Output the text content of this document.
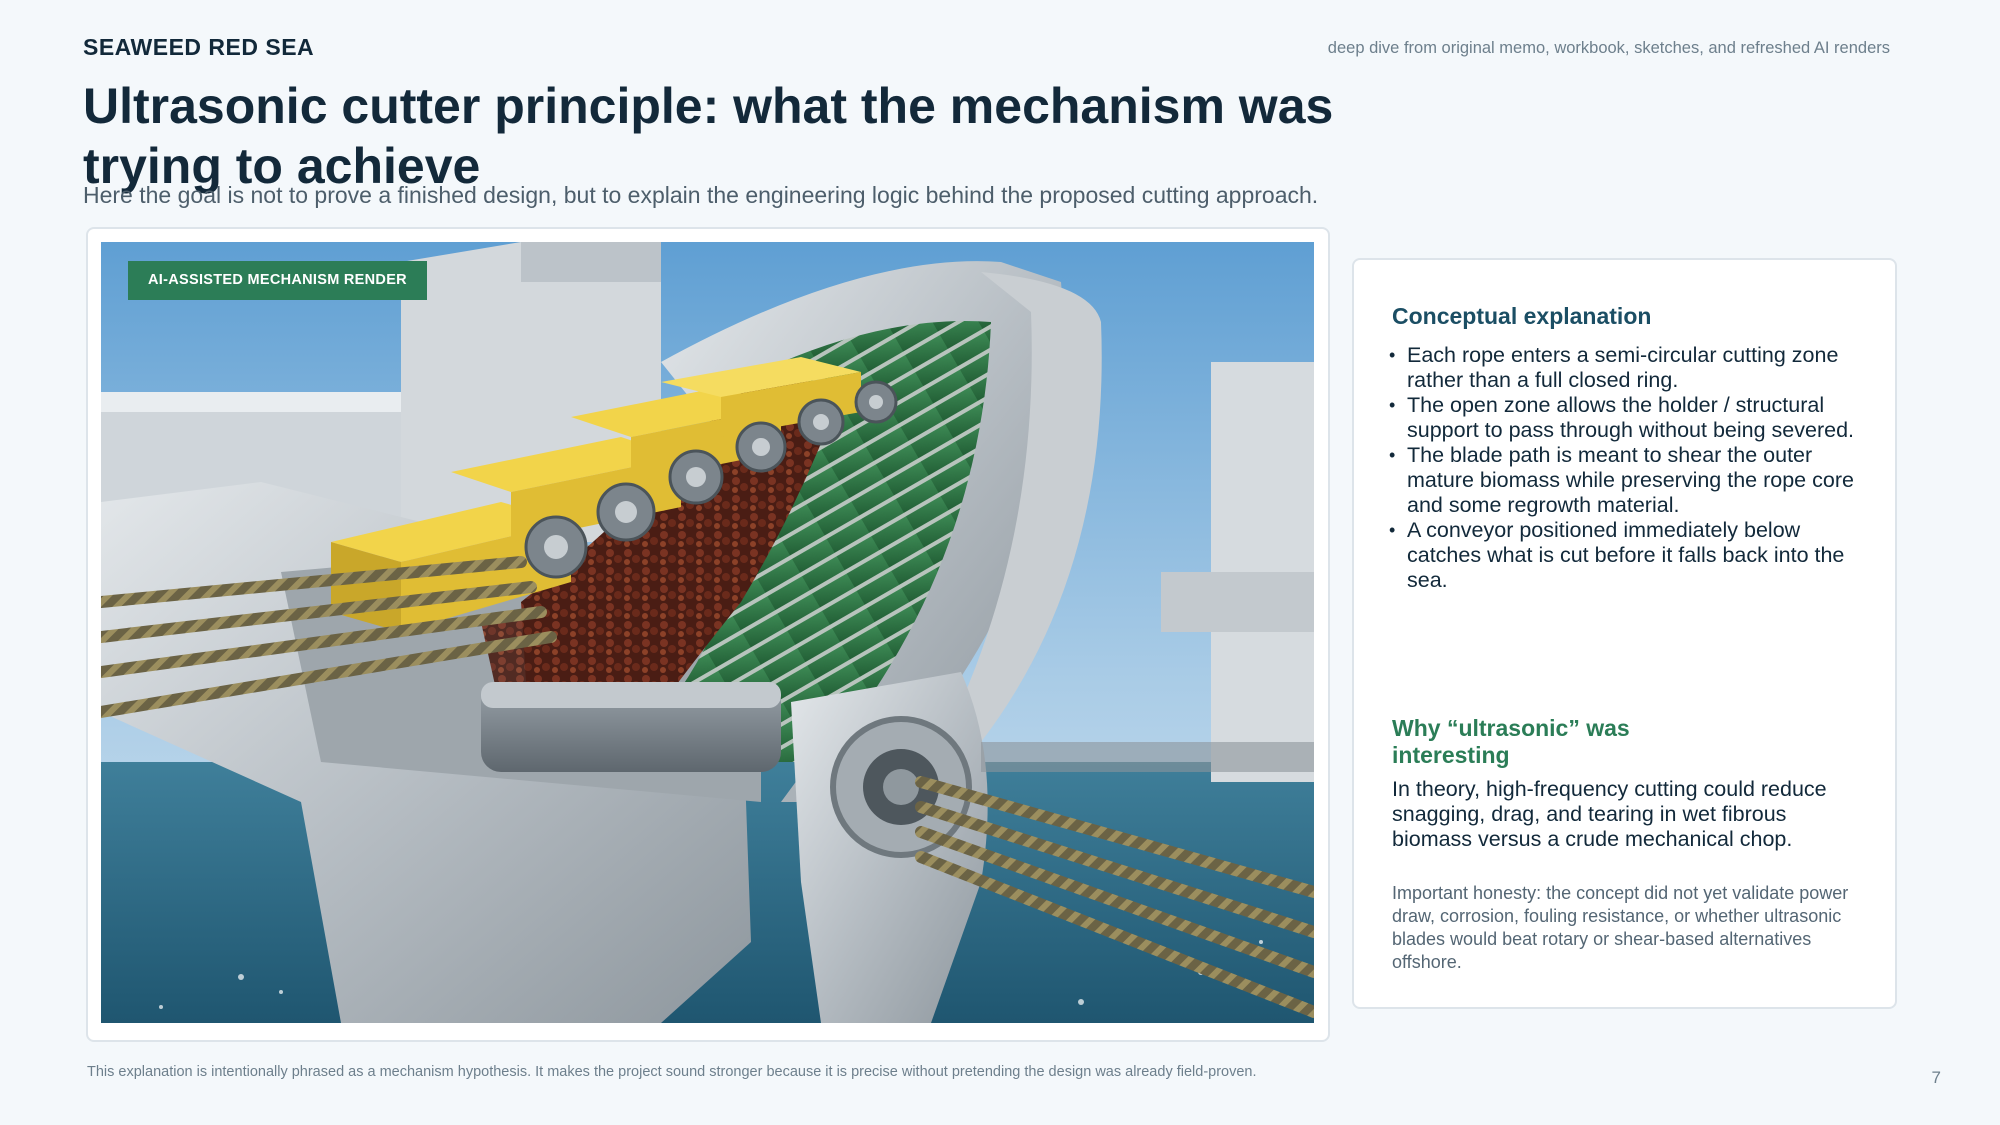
SEAWEED RED SEA	deep dive from original memo, workbook, sketches, and refreshed AI renders
Ultrasonic cutter principle: what the mechanism was trying to achieve
Here the goal is not to prove a finished design, but to explain the engineering logic behind the proposed cutting approach.
AI-ASSISTED MECHANISM RENDER
Conceptual explanation
• Each rope enters a semi-circular cutting zone rather than a full closed ring.
• The open zone allows the holder / structural support to pass through without being severed.
• The blade path is meant to shear the outer mature biomass while preserving the rope core and some regrowth material.
• A conveyor positioned immediately below catches what is cut before it falls back into the sea.
Why “ultrasonic” was interesting

In theory, high-frequency cutting could reduce snagging, drag, and tearing in wet fibrous biomass versus a crude mechanical chop.

Important honesty: the concept did not yet validate power draw, corrosion, fouling resistance, or whether ultrasonic blades would beat rotary or shear-based alternatives offshore.

This explanation is intentionally phrased as a mechanism hypothesis. It makes the project sound stronger because it is precise without pretending the design was already field-proven.	7
